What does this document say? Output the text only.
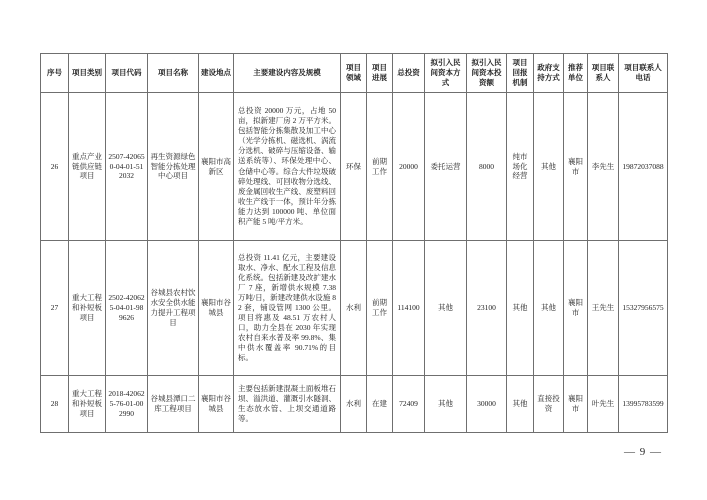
序号	项目类别	项目代码	项目名称	建设地点	主要建设内容及规模	项目领域	项目进展	总投资	拟引入民间资本方式	拟引入民间资本投资额	项目回报机制	政府支持方式	推荐单位	项目联系人	项目联系人电话
26	重点产业链供应链项目	2507-420650-04-01-512032	再生资源绿色智能分拣处理中心项目	襄阳市高新区	总投资 20000 万元，占地 50 亩，拟新建厂房 2 万平方米。包括智能分拣集散及加工中心（光学分拣机、磁选机、涡流分选机、破碎与压缩设备、输送系统等）、环保处理中心、仓储中心等。综合大件垃圾破碎处理线、可回收物分选线、废金属回收生产线、废塑料回收生产线于一体，预计年分拣能力达到 100000 吨、单位面积产能 5 吨/平方米。	环保	前期工作	20000	委托运营	8000	纯市场化经营	其他	襄阳市	李先生	19872037088
27	重大工程和补短板项目	2502-420625-04-01-989626	谷城县农村饮水安全供水能力提升工程项目	襄阳市谷城县	总投资 11.41 亿元，主要建设取水、净水、配水工程及信息化系统。包括新建及改扩建水厂 7 座，新增供水规模 7.38 万吨/日，新建改建供水设施 82 套，铺设管网 1300 公里。项目将惠及 48.51 万农村人口，助力全县在 2030 年实现农村自来水普及率 99.8%、集中供水覆盖率 90.71%的目标。	水利	前期工作	114100	其他	23100	其他	其他	襄阳市	王先生	15327956575
28	重大工程和补短板项目	2018-420625-76-01-002990	谷城县潭口二库工程项目	襄阳市谷城县	主要包括新建混凝土面板堆石坝、溢洪道、灌溉引水隧洞、生态放水管、上坝交通道路等。	水利	在建	72409	其他	30000	其他	直接投资	襄阳市	叶先生	13995783599
— 9 —
